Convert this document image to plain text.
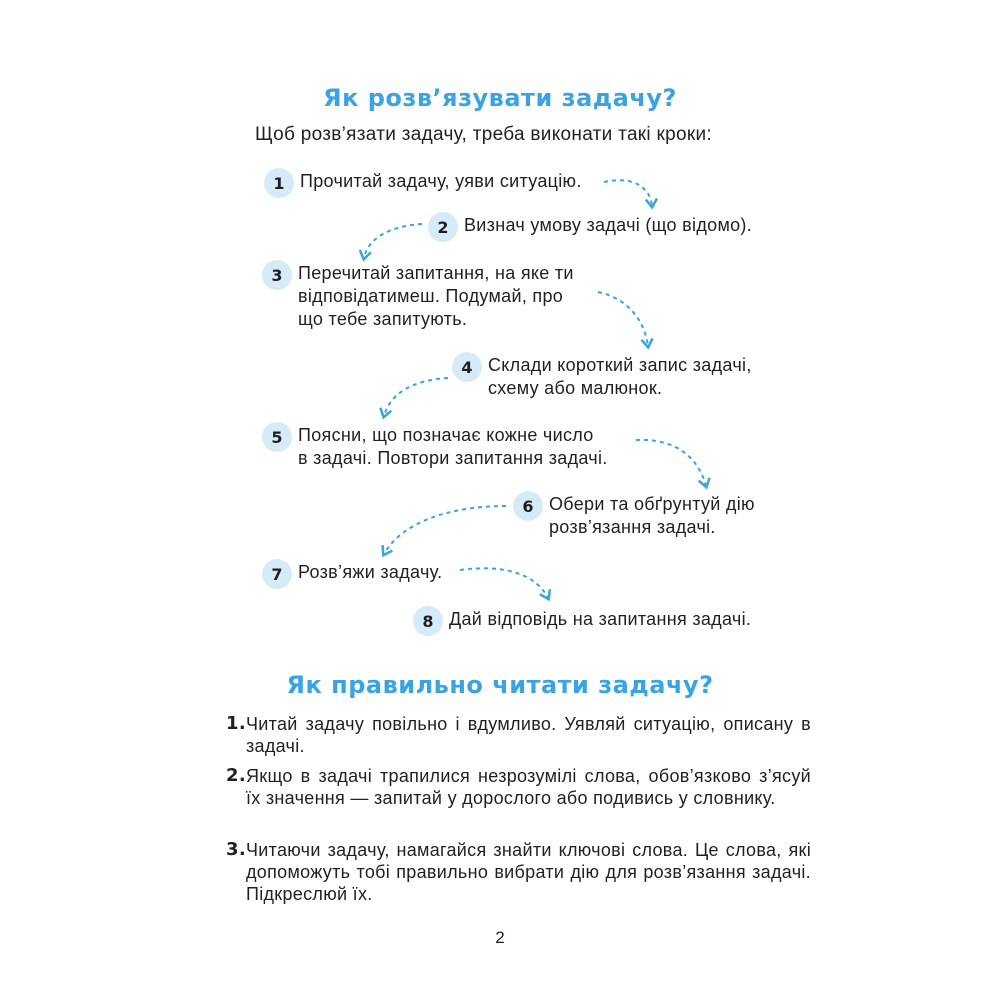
Як розв’язувати задачу?
Щоб розв’язати задачу, треба виконати такі кроки:
1 Прочитай задачу, уяви ситуацію.
2 Визнач умову задачі (що відомо).
3 Перечитай запитання, на яке ти
відповідатимеш. Подумай, про
що тебе запитують.
4 Склади короткий запис задачі,
схему або малюнок.
5 Поясни, що позначає кожне число
в задачі. Повтори запитання задачі.
6 Обери та обґрунтуй дію
розв’язання задачі.
7 Розв’яжи задачу.
8 Дай відповідь на запитання задачі.
Як правильно читати задачу?
1. Читай задачу повільно і вдумливо. Уявляй ситуацію, описану в задачі.
2. Якщо в задачі трапилися незрозумілі слова, обов’язково з’ясуй їх значення — запитай у дорослого або подивись у словнику.
3. Читаючи задачу, намагайся знайти ключові слова. Це слова, які допоможуть тобі правильно вибрати дію для розв’язання задачі. Підкреслюй їх.
2
